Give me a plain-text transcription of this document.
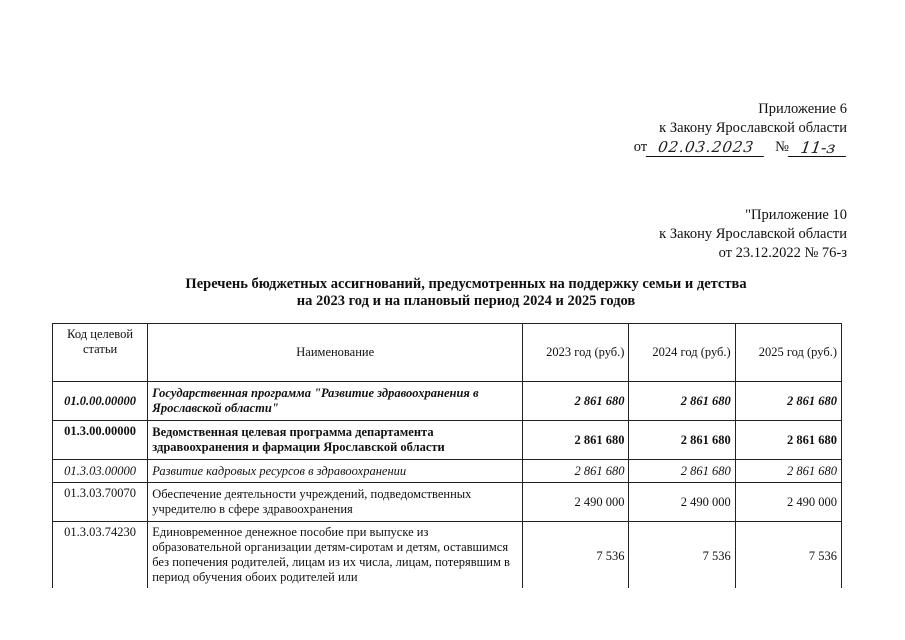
Приложение 6
к Закону Ярославской области
от 02.03.2023	№ 11-з
"Приложение 10
к Закону Ярославской области
от 23.12.2022 № 76-з
Перечень бюджетных ассигнований, предусмотренных на поддержку семьи и детства
на 2023 год и на плановый период 2024 и 2025 годов
Код целевой статьи	Наименование	2023 год (руб.)	2024 год (руб.)	2025 год (руб.)
01.0.00.00000	Государственная программа "Развитие здравоохранения в Ярославской области"	2 861 680	2 861 680	2 861 680
01.3.00.00000	Ведомственная целевая программа департамента здравоохранения и фармации Ярославской области	2 861 680	2 861 680	2 861 680
01.3.03.00000	Развитие кадровых ресурсов в здравоохранении	2 861 680	2 861 680	2 861 680
01.3.03.70070	Обеспечение деятельности учреждений, подведомственных учредителю в сфере здравоохранения	2 490 000	2 490 000	2 490 000
01.3.03.74230	Единовременное денежное пособие при выпуске из образовательной организации детям-сиротам и детям, оставшимся без попечения родителей, лицам из их числа, лицам, потерявшим в период обучения обоих родителей или	7 536	7 536	7 536
